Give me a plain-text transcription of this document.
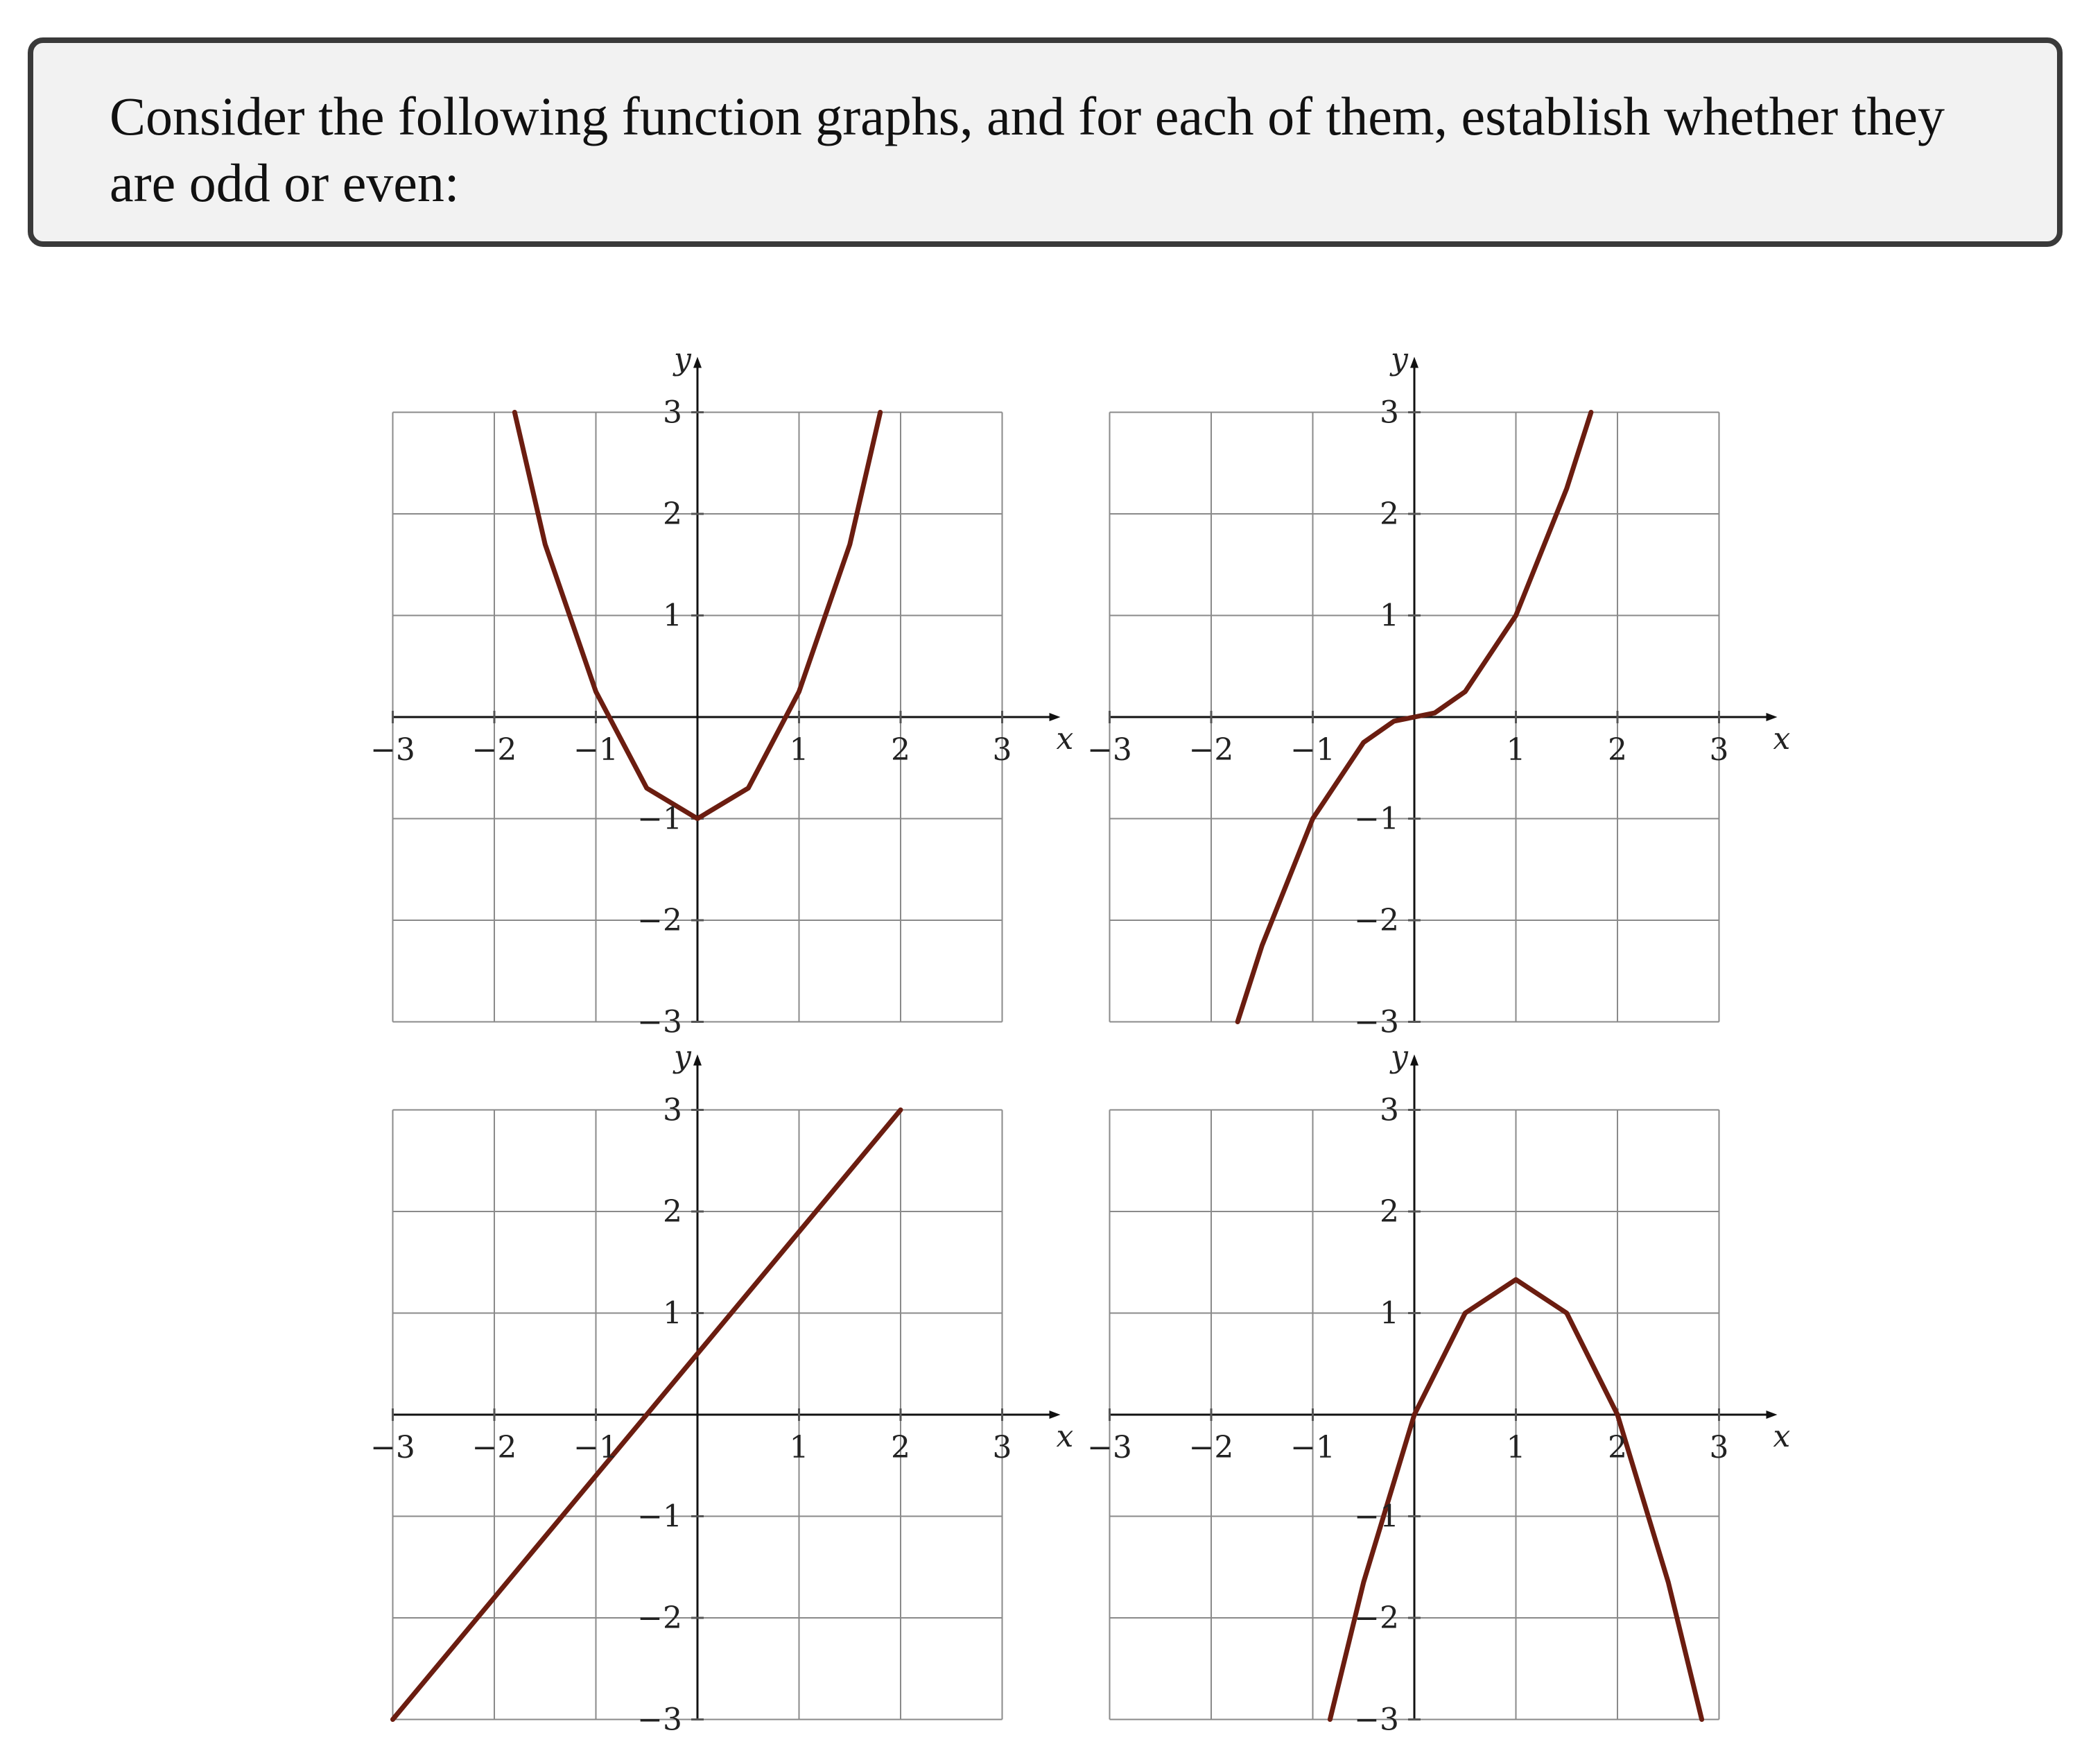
Consider the following function graphs, and for each of them, establish whether they are odd or even:
−3 −2 −1	1	2	3
3
2
1
−1
−2
−3
x
y
−3 −2 −1	1	2	3
3
2
1
−1
−2
−3
x
y
−3 −2 −1	1	2	3
3
2
1
−1
−2
−3
x
y
−3 −2 −1	1	2	3
3
2
1
−1
−2
−3
x
y
